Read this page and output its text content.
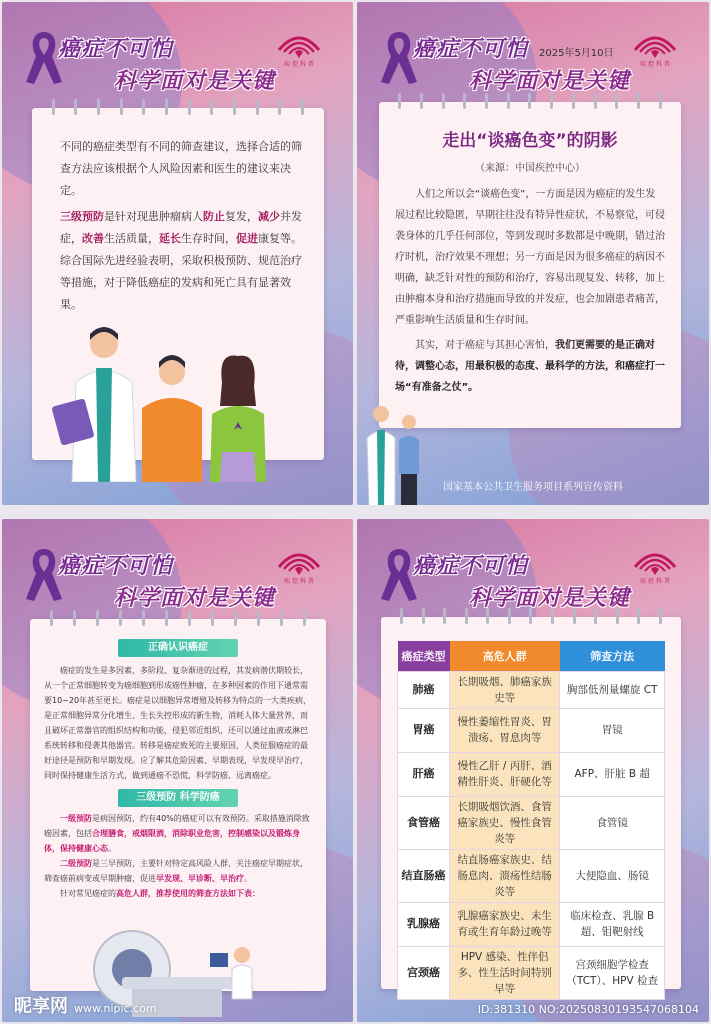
癌症不可怕
科学面对是关键

不同的癌症类型有不同的筛查建议，选择合适的筛查方法应该根据个人风险因素和医生的建议来决定。

三级预防是针对现患肿瘤病人防止复发，减少并发症，改善生活质量，延长生存时间，促进康复等。综合国际先进经验表明，采取积极预防、规范治疗等措施，对于降低癌症的发病和死亡具有显著效果。

癌症不可怕 2025年5月10日
科学面对是关键
走出“谈癌色变”的阴影
（来源：中国疾控中心）

人们之所以会“谈癌色变”，一方面是因为癌症的发生发展过程比较隐匿，早期往往没有特异性症状，不易察觉，可侵袭身体的几乎任何部位，等到发现时多数都是中晚期，错过治疗时机，治疗效果不理想；另一方面是因为很多癌症的病因不明确，缺乏针对性的预防和治疗，容易出现复发、转移，加上由肿瘤本身和治疗措施而导致的并发症，也会加剧患者痛苦，严重影响生活质量和生存时间。

其实，对于癌症与其担心害怕，我们更需要的是正确对待，调整心态，用最积极的态度、最科学的方法，和癌症打一场“有准备之仗”。

国家基本公共卫生服务项目系列宣传资料
癌症不可怕
科学面对是关键
正确认识癌症

癌症的发生是多因素、多阶段、复杂渐进的过程，其发病潜伏期较长，从一个正常细胞转变为癌细胞到形成癌性肿瘤，在多种因素的作用下通常需要10~20年甚至更长。癌症是以细胞异常增殖及转移为特点的一大类疾病，是正常细胞异常分化增生、生长失控形成的新生物，消耗人体大量营养，而且破坏正常器官的组织结构和功能，侵犯邻近组织，还可以通过血液或淋巴系统转移和侵袭其他器官。转移是癌症致死的主要原因，人类征服癌症的最好途径是预防和早期发现。应了解其危险因素、早期表现，早发现早治疗，同时保持健康生活方式，做到通癌不恐慌，科学防癌、远离癌症。

三级预防 科学防癌

一级预防是病因预防，约有40%的癌症可以有效预防。采取措施消除致癌因素，包括合理膳食，戒烟限酒，消除职业危害，控制感染以及锻炼身体，保持健康心态。

二级预防是三早预防，主要针对特定高风险人群，关注癌症早期症状，筛查癌前病变或早期肿瘤，促进早发现、早诊断、早治疗。

针对常见癌症的高危人群，推荐使用的筛查方法如下表：

癌症不可怕
科学面对是关键
癌症类型	高危人群	筛查方法
肺癌	长期吸烟、肺癌家族史等	胸部低剂量螺旋 CT
胃癌	慢性萎缩性胃炎、胃溃疡、胃息肉等	胃镜
肝癌	慢性乙肝 / 丙肝、酒精性肝炎、肝硬化等	AFP、肝脏 B 超
食管癌	长期吸烟饮酒、食管癌家族史、慢性食管炎等	食管镜
结直肠癌	结直肠癌家族史、结肠息肉、溃疡性结肠炎等	大便隐血、肠镜
乳腺癌	乳腺癌家族史、未生育或生育年龄过晚等	临床检查、乳腺 B 超、钼靶射线
宫颈癌	HPV 感染、性伴侣多、性生活时间特别早等	宫颈细胞学检查（TCT）、HPV 检查
昵享网 www.nipic.com	ID:381310 NO:20250830193547068104
